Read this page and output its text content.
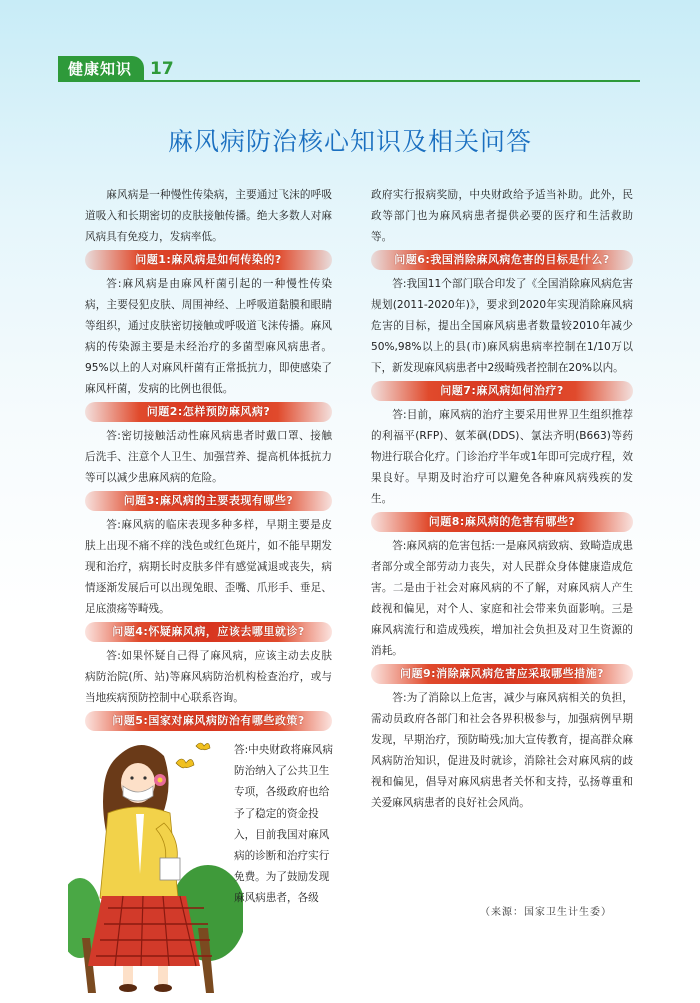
健康知识	17
麻风病防治核心知识及相关问答

麻风病是一种慢性传染病，主要通过飞沫的呼吸道吸入和长期密切的皮肤接触传播。绝大多数人对麻风病具有免疫力，发病率低。

问题1:麻风病是如何传染的?

答:麻风病是由麻风杆菌引起的一种慢性传染病，主要侵犯皮肤、周围神经、上呼吸道黏膜和眼睛等组织，通过皮肤密切接触或呼吸道飞沫传播。麻风病的传染源主要是未经治疗的多菌型麻风病患者。95%以上的人对麻风杆菌有正常抵抗力，即使感染了麻风杆菌，发病的比例也很低。

问题2:怎样预防麻风病?

答:密切接触活动性麻风病患者时戴口罩、接触后洗手、注意个人卫生、加强营养、提高机体抵抗力等可以减少患麻风病的危险。

问题3:麻风病的主要表现有哪些?

答:麻风病的临床表现多种多样，早期主要是皮肤上出现不痛不痒的浅色或红色斑片，如不能早期发现和治疗，病期长时皮肤多伴有感觉减退或丧失，病情逐渐发展后可以出现兔眼、歪嘴、爪形手、垂足、足底溃疡等畸残。

问题4:怀疑麻风病，应该去哪里就诊?

答:如果怀疑自己得了麻风病，应该主动去皮肤病防治院(所、站)等麻风病防治机构检查治疗，或与当地疾病预防控制中心联系咨询。

问题5:国家对麻风病防治有哪些政策?
答:中央财政将麻风病防治纳入了公共卫生专项，各级政府也给予了稳定的资金投入，目前我国对麻风病的诊断和治疗实行免费。为了鼓励发现麻风病患者，各级

政府实行报病奖励，中央财政给予适当补助。此外，民政等部门也为麻风病患者提供必要的医疗和生活救助等。

问题6:我国消除麻风病危害的目标是什么?

答:我国11个部门联合印发了《全国消除麻风病危害规划(2011-2020年)》，要求到2020年实现消除麻风病危害的目标，提出全国麻风病患者数量较2010年减少50%,98%以上的县(市)麻风病患病率控制在1/10万以下，新发现麻风病患者中2级畸残者控制在20%以内。

问题7:麻风病如何治疗?

答:目前，麻风病的治疗主要采用世界卫生组织推荐的利福平(RFP)、氨苯砜(DDS)、氯法齐明(B663)等药物进行联合化疗。门诊治疗半年或1年即可完成疗程，效果良好。早期及时治疗可以避免各种麻风病残疾的发生。

问题8:麻风病的危害有哪些?

答:麻风病的危害包括:一是麻风病致病、致畸造成患者部分或全部劳动力丧失，对人民群众身体健康造成危害。二是由于社会对麻风病的不了解，对麻风病人产生歧视和偏见，对个人、家庭和社会带来负面影响。三是麻风病流行和造成残疾，增加社会负担及对卫生资源的消耗。

问题9:消除麻风病危害应采取哪些措施?

答:为了消除以上危害，减少与麻风病相关的负担，需动员政府各部门和社会各界积极参与，加强病例早期发现，早期治疗，预防畸残;加大宣传教育，提高群众麻风病防治知识，促进及时就诊，消除社会对麻风病的歧视和偏见，倡导对麻风病患者关怀和支持，弘扬尊重和关爱麻风病患者的良好社会风尚。

（来源：国家卫生计生委）
